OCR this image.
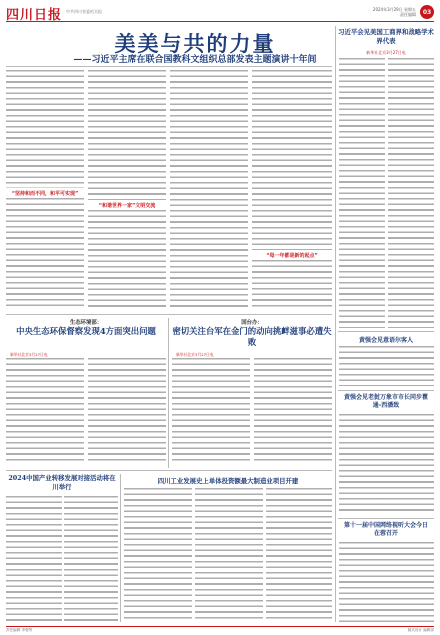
四川日报 中共四川省委机关报	2024年3月29日 星期五
责任编辑	03
美美与共的力量
——习近平主席在联合国教科文组织总部发表主题演讲十年间
“坚持和而不同，和平可实现”
“和谐世界一家”文明交流
“每一年都是新的起点”
习近平会见美国工商界和战略学术界代表
新华社北京3月27日电
黄强会见意语尔客人
黄强会见老挝万象市市长同步瞿通-西潘致
第十一届中国网络视听大会今日在蓉召开
生态环境部：
中央生态环保督察发现4方面突出问题
新华社北京3月27日电
国台办：
密切关注台军在金门的动向挑衅滋事必遭失败
新华社北京3月27日电
2024中国产业转移发展对接活动将在川举行
四川工业发展史上单体投资额最大制造业项目开建
责任编辑 李强等	版式设计 编辑部
